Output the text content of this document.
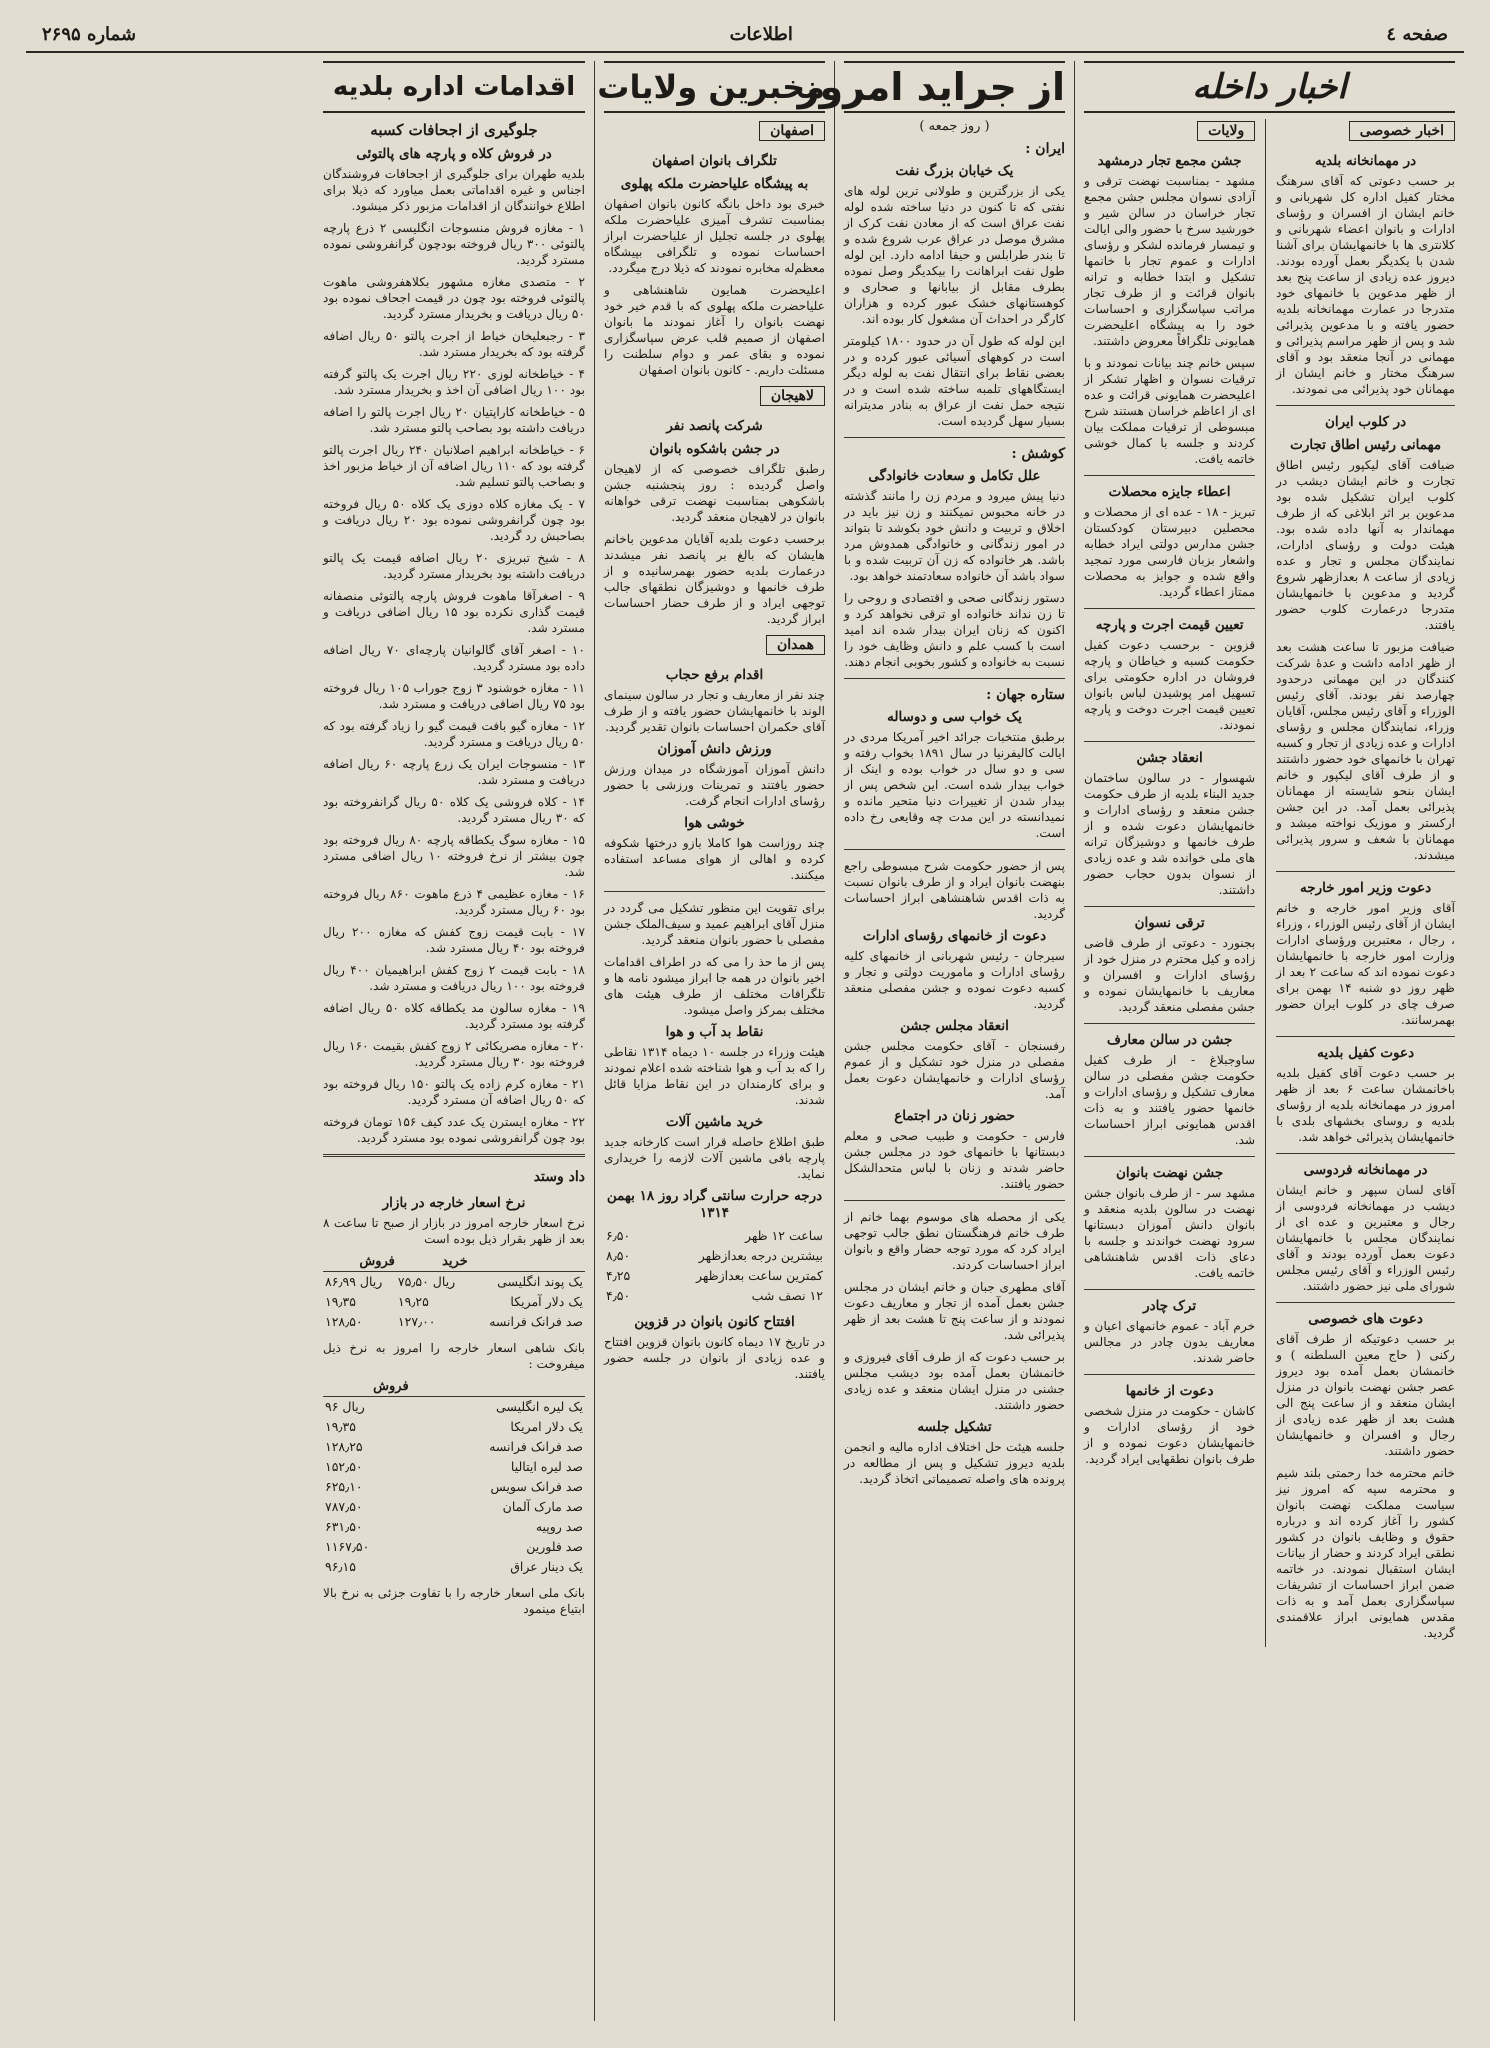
صفحه ٤
اطلاعات
شماره ۲۶۹۵
اخبار داخله
اخبار خصوصی
در مهمانخانه بلدیه

بر حسب دعوتی که آقای سرهنگ مختار کفیل اداره کل شهربانی و خانم ایشان از افسران و رؤسای ادارات و بانوان اعضاء شهربانی و کلانتری ها با خانمهایشان برای آشنا شدن با یکدیگر بعمل آورده بودند. دیروز عده زیادی از ساعت پنج بعد از ظهر مدعوین با خانمهای خود متدرجا در عمارت مهمانخانه بلدیه حضور یافته و با مدعوین پذیرائی شد و پس از ظهر مراسم پذیرائی و مهمانی در آنجا منعقد بود و آقای سرهنگ مختار و خانم ایشان از مهمانان خود پذیرائی می نمودند.

در کلوب ایران
مهمانی رئیس اطاق تجارت

ضیافت آقای لیکپور رئیس اطاق تجارت و خانم ایشان دیشب در کلوب ایران تشکیل شده بود مدعوین بر اثر ابلاغی که از طرف مهماندار به آنها داده شده بود. هیئت دولت و رؤسای ادارات، نمایندگان مجلس و تجار و عده زیادی از ساعت ۸ بعدازظهر شروع گردید و مدعوین با خانمهایشان متدرجا درعمارت کلوب حضور یافتند.

ضیافت مزبور تا ساعت هشت بعد از ظهر ادامه داشت و عدهٔ شرکت کنندگان در این مهمانی درحدود چهارصد نفر بودند. آقای رئیس الوزراء و آقای رئیس مجلس، آقایان وزراء، نمایندگان مجلس و رؤسای ادارات و عده زیادی از تجار و کسبه تهران با خانمهای خود حضور داشتند و از طرف آقای لیکپور و خانم ایشان بنحو شایسته از مهمانان پذیرائی بعمل آمد. در این جشن ارکستر و موزیک نواخته میشد و مهمانان با شعف و سرور پذیرائی میشدند.

دعوت وزیر امور خارجه

آقای وزیر امور خارجه و خانم ایشان از آقای رئیس الوزراء ، وزراء ، رجال ، معتبرین ورؤسای ادارات وزارت امور خارجه با خانمهایشان دعوت نموده اند که ساعت ۲ بعد از ظهر روز دو شنبه ۱۴ بهمن برای صرف چای در کلوب ایران حضور بهمرسانند.

دعوت کفیل بلدیه

بر حسب دعوت آقای کفیل بلدیه باخانمشان ساعت ۶ بعد از ظهر امروز در مهمانخانه بلدیه از رؤسای بلدیه و روسای بخشهای بلدی با خانمهایشان پذیرائی خواهد شد.

در مهمانخانه فردوسی

آقای لسان سپهر و خانم ایشان دیشب در مهمانخانه فردوسی از رجال و معتبرین و عده ای از نمایندگان مجلس با خانمهایشان دعوت بعمل آورده بودند و آقای رئیس الوزراء و آقای رئیس مجلس شورای ملی نیز حضور داشتند.

دعوت های خصوصی

بر حسب دعوتیکه از طرف آقای رکنی ( حاج معین السلطنه ) و خانمشان بعمل آمده بود دیروز عصر جشن نهضت بانوان در منزل ایشان منعقد و از ساعت پنج الی هشت بعد از ظهر عده زیادی از رجال و افسران و خانمهایشان حضور داشتند.

خانم محترمه خدا رحمتی بلند شیم و محترمه سپه که امروز نیز سیاست مملکت نهضت بانوان کشور را آغاز کرده اند و درباره حقوق و وظایف بانوان در کشور نطقی ایراد کردند و حضار از بیانات ایشان استقبال نمودند. در خاتمه ضمن ابراز احساسات از تشریفات سپاسگزاری بعمل آمد و به ذات مقدس همایونی ابراز علاقمندی گردید.

ولایات
جشن مجمع تجار درمشهد

مشهد - بمناسبت نهضت ترقی و آزادی نسوان مجلس جشن مجمع تجار خراسان در سالن شیر و خورشید سرخ با حضور والی ایالت و تیمسار فرمانده لشکر و رؤسای ادارات و عموم تجار با خانمها تشکیل و ابتدا خطابه و ترانه بانوان قرائت و از طرف تجار مراتب سپاسگزاری و احساسات خود را به پیشگاه اعلیحضرت همایونی تلگرافاً معروض داشتند.

سپس خانم چند بیانات نمودند و با ترقیات نسوان و اظهار تشکر از اعلیحضرت همایونی قرائت و عده ای از اعاظم خراسان هستند شرح مبسوطی از ترقیات مملکت بیان کردند و جلسه با کمال خوشی خاتمه یافت.

اعطاء جایزه محصلات

تبریز - ۱۸ - عده ای از محصلات و محصلین دبیرستان کودکستان جشن مدارس دولتی ایراد خطابه واشعار بزبان فارسی مورد تمجید واقع شده و جوایز به محصلات ممتاز اعطاء گردید.

تعیین قیمت اجرت و پارچه

قزوین - برحسب دعوت کفیل حکومت کسبه و خیاطان و پارچه فروشان در اداره حکومتی برای تسهیل امر پوشیدن لباس بانوان تعیین قیمت اجرت دوخت و پارچه نمودند.

انعقاد جشن

شهسوار - در سالون ساختمان جدید البناء بلدیه از طرف حکومت جشن منعقد و رؤسای ادارات و خانمهایشان دعوت شده و از طرف خانمها و دوشیزگان ترانه های ملی خوانده شد و عده زیادی از نسوان بدون حجاب حضور داشتند.

ترقی نسوان

بجنورد - دعوتی از طرف قاضی زاده و کیل محترم در منزل خود از رؤسای ادارات و افسران و معاریف با خانمهایشان نموده و جشن مفصلی منعقد گردید.

جشن در سالن معارف

ساوجبلاغ - از طرف کفیل حکومت جشن مفصلی در سالن معارف تشکیل و رؤسای ادارات و خانمها حضور یافتند و به ذات اقدس همایونی ابراز احساسات شد.

جشن نهضت بانوان

مشهد سر - از طرف بانوان جشن نهضت در سالون بلدیه منعقد و بانوان دانش آموزان دبستانها سرود نهضت خواندند و جلسه با دعای ذات اقدس شاهنشاهی خاتمه یافت.

ترک چادر

خرم آباد - عموم خانمهای اعیان و معاریف بدون چادر در مجالس حاضر شدند.

دعوت از خانمها

کاشان - حکومت در منزل شخصی خود از رؤسای ادارات و خانمهایشان دعوت نموده و از طرف بانوان نطقهایی ایراد گردید.

از جراید امروز
( روز جمعه )
ایران :
یک خیابان بزرگ نفت

یکی از بزرگترین و طولانی ترین لوله های نفتی که تا کنون در دنیا ساخته شده لوله نفت عراق است که از معادن نفت کرک از مشرق موصل در عراق عرب شروع شده و تا بندر طرابلس و حیفا ادامه دارد. این لوله طول نفت ابراهانت را بیکدیگر وصل نموده بطرف مقابل از بیابانها و صحاری و کوهستانهای خشک عبور کرده و هزاران کارگر در احداث آن مشغول کار بوده اند.

این لوله که طول آن در حدود ۱۸۰۰ کیلومتر است در کوههای آسیائی عبور کرده و در بعضی نقاط برای انتقال نفت به لوله دیگر ایستگاههای تلمبه ساخته شده است و در نتیجه حمل نفت از عراق به بنادر مدیترانه بسیار سهل گردیده است.

کوشش :
علل تکامل و سعادت خانوادگی

دنیا پیش میرود و مردم زن را مانند گذشته در خانه محبوس نمیکنند و زن نیز باید در اخلاق و تربیت و دانش خود بکوشد تا بتواند در امور زندگانی و خانوادگی همدوش مرد باشد. هر خانواده که زن آن تربیت شده و با سواد باشد آن خانواده سعادتمند خواهد بود.

دستور زندگانی صحی و اقتصادی و روحی را تا زن نداند خانواده او ترقی نخواهد کرد و اکنون که زنان ایران بیدار شده اند امید است با کسب علم و دانش وظایف خود را نسبت به خانواده و کشور بخوبی انجام دهند.

ستاره جهان :
یک خواب سی و دوساله

برطبق منتخبات جرائد اخیر آمریکا مردی در ایالت کالیفرنیا در سال ۱۸۹۱ بخواب رفته و سی و دو سال در خواب بوده و اینک از خواب بیدار شده است. این شخص پس از بیدار شدن از تغییرات دنیا متحیر مانده و نمیدانسته در این مدت چه وقایعی رخ داده است.

پس از حضور حکومت شرح مبسوطی راجع بنهضت بانوان ایراد و از طرف بانوان نسبت به ذات اقدس شاهنشاهی ابراز احساسات گردید.

دعوت از خانمهای رؤسای ادارات

سیرجان - رئیس شهربانی از خانمهای کلیه رؤسای ادارات و ماموریت دولتی و تجار و کسبه دعوت نموده و جشن مفصلی منعقد گردید.

انعقاد مجلس جشن

رفسنجان - آقای حکومت مجلس جشن مفصلی در منزل خود تشکیل و از عموم رؤسای ادارات و خانمهایشان دعوت بعمل آمد.

حضور زنان در اجتماع

فارس - حکومت و طبیب صحی و معلم دبستانها با خانمهای خود در مجلس جشن حاضر شدند و زنان با لباس متحدالشکل حضور یافتند.

یکی از محصله های موسوم بهما خانم از طرف خانم فرهنگستان نطق جالب توجهی ایراد کرد که مورد توجه حضار واقع و بانوان ابراز احساسات کردند.

آقای مطهری جبان و خانم ایشان در مجلس جشن بعمل آمده از تجار و معاریف دعوت نمودند و از ساعت پنج تا هشت بعد از ظهر پذیرائی شد.

بر حسب دعوت که از طرف آقای فیروزی و خانمشان بعمل آمده بود دیشب مجلس جشنی در منزل ایشان منعقد و عده زیادی حضور داشتند.

تشکیل جلسه

جلسه هیئت حل اختلاف اداره مالیه و انجمن بلدیه دیروز تشکیل و پس از مطالعه در پرونده های واصله تصمیماتی اتخاذ گردید.

مخبرین ولایات
اصفهان
تلگراف بانوان اصفهان
به پیشگاه علیاحضرت ملکه پهلوی

خبری بود داخل بانگه کانون بانوان اصفهان بمناسبت تشرف آمیزی علیاحضرت ملکه پهلوی در جلسه تجلیل از علیاحضرت ابراز احساسات نموده و تلگرافی بپیشگاه معظم‌له مخابره نمودند که ذیلا درج میگردد.

اعلیحضرت همایون شاهنشاهی و علیاحضرت ملکه پهلوی که با قدم خیر خود نهضت بانوان را آغاز نمودند ما بانوان اصفهان از صمیم قلب عرض سپاسگزاری نموده و بقای عمر و دوام سلطنت را مسئلت داریم. - کانون بانوان اصفهان

لاهیجان
شرکت پانصد نفر
در جشن باشکوه بانوان

رطبق تلگراف خصوصی که از لاهیجان واصل گردیده : روز پنجشنبه جشن باشکوهی بمناسبت نهضت ترقی خواهانه بانوان در لاهیجان منعقد گردید.

برحسب دعوت بلدیه آقایان مدعوین باخانم هایشان که بالغ بر پانصد نفر میشدند درعمارت بلدیه حضور بهمرسانیده و از طرف خانمها و دوشیزگان نطقهای جالب توجهی ایراد و از طرف حضار احساسات ابراز گردید.

همدان
اقدام برفع حجاب

چند نفر از معاریف و تجار در سالون سینمای الوند با خانمهایشان حضور یافته و از طرف آقای حکمران احساسات بانوان تقدیر گردید.

ورزش دانش آموزان

دانش آموزان آموزشگاه در میدان ورزش حضور یافتند و تمرینات ورزشی با حضور رؤسای ادارات انجام گرفت.

خوشی هوا

چند روزاست هوا کاملا بازو درختها شکوفه کرده و اهالی از هوای مساعد استفاده میکنند.

برای تقویت این منظور تشکیل می گردد در منزل آقای ابراهیم عمید و سیف‌الملک جشن مفصلی با حضور بانوان منعقد گردید.

پس از ما حذ را می که در اطراف اقدامات اخیر بانوان در همه جا ابراز میشود نامه ها و تلگرافات مختلف از طرف هیئت های مختلف بمرکز واصل میشود.

نقاط بد آب و هوا

هیئت وزراء در جلسه ۱۰ دیماه ۱۳۱۴ نقاطی را که بد آب و هوا شناخته شده اعلام نمودند و برای کارمندان در این نقاط مزایا قائل شدند.

خرید ماشین آلات

طبق اطلاع حاصله قرار است کارخانه جدید پارچه بافی ماشین آلات لازمه را خریداری نماید.

درجه حرارت سانتی گراد روز ۱۸ بهمن ۱۳۱۴
ساعت ۱۲ ظهر	۶٫۵۰
بیشترین درجه بعدازظهر	۸٫۵۰
کمترین ساعت بعدازظهر	۴٫۲۵
۱۲ نصف شب	۴٫۵۰
افتتاح کانون بانوان در قزوین

در تاریخ ۱۷ دیماه کانون بانوان قزوین افتتاح و عده زیادی از بانوان در جلسه حضور یافتند.

اقدامات اداره بلدیه
جلوگیری از اجحافات کسبه
در فروش کلاه و پارچه های پالتوئی

بلدیه طهران برای جلوگیری از اجحافات فروشندگان اجناس و غیره اقداماتی بعمل میاورد که ذیلا برای اطلاع خوانندگان از اقدامات مزبور ذکر میشود.

۱ - مغازه فروش منسوجات انگلیسی ۲ ذرع پارچه پالتوئی ۳۰۰ ریال فروخته بودچون گرانفروشی نموده مسترد گردید.

۲ - متصدی مغازه مشهور بکلاهفروشی ماهوت پالتوئی فروخته بود چون در قیمت اجحاف نموده بود ۵۰ ریال دریافت و بخریدار مسترد گردید.

۳ - رجبعلیخان خیاط از اجرت پالتو ۵۰ ریال اضافه گرفته بود که بخریدار مسترد شد.

۴ - خیاطخانه لوزی ۲۲۰ ریال اجرت یک پالتو گرفته بود ۱۰۰ ریال اضافی آن اخذ و بخریدار مسترد شد.

۵ - خیاطخانه کاراپتیان ۲۰ ریال اجرت پالتو را اضافه دریافت داشته بود بصاحب پالتو مسترد شد.

۶ - خیاطخانه ابراهیم اصلانیان ۲۴۰ ریال اجرت پالتو گرفته بود که ۱۱۰ ریال اضافه آن از خیاط مزبور اخذ و بصاحب پالتو تسلیم شد.

۷ - یک مغازه کلاه دوزی یک کلاه ۵۰ ریال فروخته بود چون گرانفروشی نموده بود ۲۰ ریال دریافت و بصاحبش رد گردید.

۸ - شیخ تبریزی ۲۰ ریال اضافه قیمت یک پالتو دریافت داشته بود بخریدار مسترد گردید.

۹ - اصغرآقا ماهوت فروش پارچه پالتوئی منصفانه قیمت گذاری نکرده بود ۱۵ ریال اضافی دریافت و مسترد شد.

۱۰ - اصغر آقای گالوانیان پارچه‌ای ۷۰ ریال اضافه داده بود مسترد گردید.

۱۱ - مغازه خوشنود ۳ زوج جوراب ۱۰۵ ریال فروخته بود ۷۵ ریال اضافی دریافت و مسترد شد.

۱۲ - مغازه گیو بافت قیمت گیو را زیاد گرفته بود که ۵۰ ریال دریافت و مسترد گردید.

۱۳ - منسوجات ایران یک زرع پارچه ۶۰ ریال اضافه دریافت و مسترد شد.

۱۴ - کلاه فروشی یک کلاه ۵۰ ریال گرانفروخته بود که ۳۰ ریال مسترد گردید.

۱۵ - مغازه سوگ یکطاقه پارچه ۸۰ ریال فروخته بود چون بیشتر از نرخ فروخته ۱۰ ریال اضافی مسترد شد.

۱۶ - مغازه عظیمی ۴ ذرع ماهوت ۸۶۰ ریال فروخته بود ۶۰ ریال مسترد گردید.

۱۷ - بابت قیمت زوج کفش که مغازه ۲۰۰ ریال فروخته بود ۴۰ ریال مسترد شد.

۱۸ - بابت قیمت ۲ زوج کفش ابراهیمیان ۴۰۰ ریال فروخته بود ۱۰۰ ریال دریافت و مسترد شد.

۱۹ - مغازه سالون مد یکطاقه کلاه ۵۰ ریال اضافه گرفته بود مسترد گردید.

۲۰ - مغازه مصریکائی ۲ زوج کفش بقیمت ۱۶۰ ریال فروخته بود ۳۰ ریال مسترد گردید.

۲۱ - مغازه کرم زاده یک پالتو ۱۵۰ ریال فروخته بود که ۵۰ ریال اضافه آن مسترد گردید.

۲۲ - مغازه ایسترن یک عدد کیف ۱۵۶ تومان فروخته بود چون گرانفروشی نموده بود مسترد گردید.

داد وستد
نرخ اسعار خارجه در بازار

نرخ اسعار خارجه امروز در بازار از صبح تا ساعت ۸ بعد از ظهر بقرار ذیل بوده است

	خرید	فروش
یک پوند انگلیسی	۷۵٫۵۰ ریال	۸۶٫۹۹ ریال
یک دلار آمریکا	۱۹٫۲۵	۱۹٫۳۵
صد فرانک فرانسه	۱۲۷٫۰۰	۱۲۸٫۵۰

بانک شاهی اسعار خارجه را امروز به نرخ ذیل میفروخت :

	فروش
یک لیره انگلیسی	۹۶ ریال
یک دلار امریکا	۱۹٫۳۵
صد فرانک فرانسه	۱۲۸٫۲۵
صد لیره ایتالیا	۱۵۲٫۵۰
صد فرانک سویس	۶۲۵٫۱۰
صد مارک آلمان	۷۸۷٫۵۰
صد روپیه	۶۳۱٫۵۰
صد فلورین	۱۱۶۷٫۵۰
یک دینار عراق	۹۶٫۱۵

بانک ملی اسعار خارجه را با تفاوت جزئی به نرخ بالا ابتیاع مینمود
